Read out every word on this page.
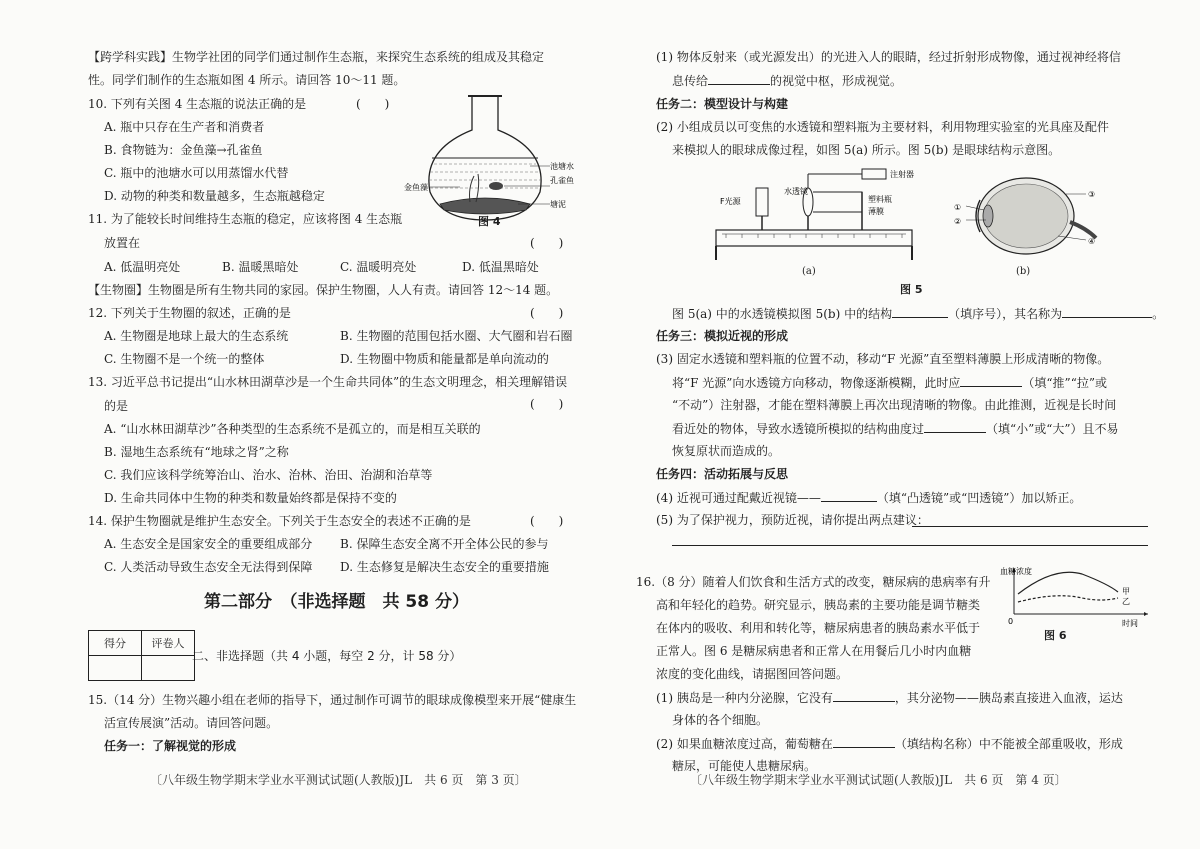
【跨学科实践】生物学社团的同学们通过制作生态瓶，来探究生态系统的组成及其稳定
性。同学们制作的生态瓶如图 4 所示。请回答 10～11 题。
10. 下列有关图 4 生态瓶的说法正确的是	(　　)
A. 瓶中只存在生产者和消费者
B. 食物链为：金鱼藻→孔雀鱼
C. 瓶中的池塘水可以用蒸馏水代替
D. 动物的种类和数量越多，生态瓶越稳定
池塘水
孔雀鱼
塘泥
金鱼藻
图 4
11. 为了能较长时间维持生态瓶的稳定，应该将图 4 生态瓶
放置在	(　　)
A. 低温明亮处	B. 温暖黑暗处	C. 温暖明亮处	D. 低温黑暗处
【生物圈】生物圈是所有生物共同的家园。保护生物圈，人人有责。请回答 12～14 题。
12. 下列关于生物圈的叙述，正确的是	(　　)
A. 生物圈是地球上最大的生态系统	B. 生物圈的范围包括水圈、大气圈和岩石圈
C. 生物圈不是一个统一的整体	D. 生物圈中物质和能量都是单向流动的
13. 习近平总书记提出“山水林田湖草沙是一个生命共同体”的生态文明理念，相关理解错误
的是	(　　)
A. “山水林田湖草沙”各种类型的生态系统不是孤立的，而是相互关联的
B. 湿地生态系统有“地球之肾”之称
C. 我们应该科学统筹治山、治水、治林、治田、治湖和治草等
D. 生命共同体中生物的种类和数量始终都是保持不变的
14. 保护生物圈就是维护生态安全。下列关于生态安全的表述不正确的是	(　　)
A. 生态安全是国家安全的重要组成部分 B. 保障生态安全离不开全体公民的参与
C. 人类活动导致生态安全无法得到保障 D. 生态修复是解决生态安全的重要措施
第二部分　（非选择题　共 58 分）
得分	评卷人

二、非选择题（共 4 小题，每空 2 分，计 58 分）
15.（14 分）生物兴趣小组在老师的指导下，通过制作可调节的眼球成像模型来开展“健康生
活宣传展演”活动。请回答问题。
任务一：了解视觉的形成
〔八年级生物学期末学业水平测试试题(人教版)JL　共 6 页　第 3 页〕
(1) 物体反射来（或光源发出）的光进入人的眼睛，经过折射形成物像，通过视神经将信
息传给	的视觉中枢，形成视觉。
任务二：模型设计与构建
(2) 小组成员以可变焦的水透镜和塑料瓶为主要材料，利用物理实验室的光具座及配件
来模拟人的眼球成像过程，如图 5(a) 所示。图 5(b) 是眼球结构示意图。
F光源
水透镜
注射器
塑料瓶
薄膜
(a)
①
②
③
④
(b)
图 5
图 5(a) 中的水透镜模拟图 5(b) 中的结构	（填序号），其名称为	。
任务三：模拟近视的形成
(3) 固定水透镜和塑料瓶的位置不动，移动“F 光源”直至塑料薄膜上形成清晰的物像。
将“F 光源”向水透镜方向移动，物像逐渐模糊，此时应	（填“推”“拉”或
“不动”）注射器，才能在塑料薄膜上再次出现清晰的物像。由此推测，近视是长时间
看近处的物体，导致水透镜所模拟的结构曲度过	（填“小”或“大”）且不易
恢复原状而造成的。
任务四：活动拓展与反思
(4) 近视可通过配戴近视镜——	（填“凸透镜”或“凹透镜”）加以矫正。
(5) 为了保护视力，预防近视，请你提出两点建议：
16.（8 分）随着人们饮食和生活方式的改变，糖尿病的患病率有升
高和年轻化的趋势。研究显示，胰岛素的主要功能是调节糖类
在体内的吸收、利用和转化等，糖尿病患者的胰岛素水平低于
正常人。图 6 是糖尿病患者和正常人在用餐后几小时内血糖
浓度的变化曲线，请据图回答问题。
血糖浓度
0	时间
甲
乙
图 6
(1) 胰岛是一种内分泌腺，它没有	，其分泌物——胰岛素直接进入血液，运达
身体的各个细胞。
(2) 如果血糖浓度过高，葡萄糖在	（填结构名称）中不能被全部重吸收，形成
糖尿，可能使人患糖尿病。
〔八年级生物学期末学业水平测试试题(人教版)JL　共 6 页　第 4 页〕
